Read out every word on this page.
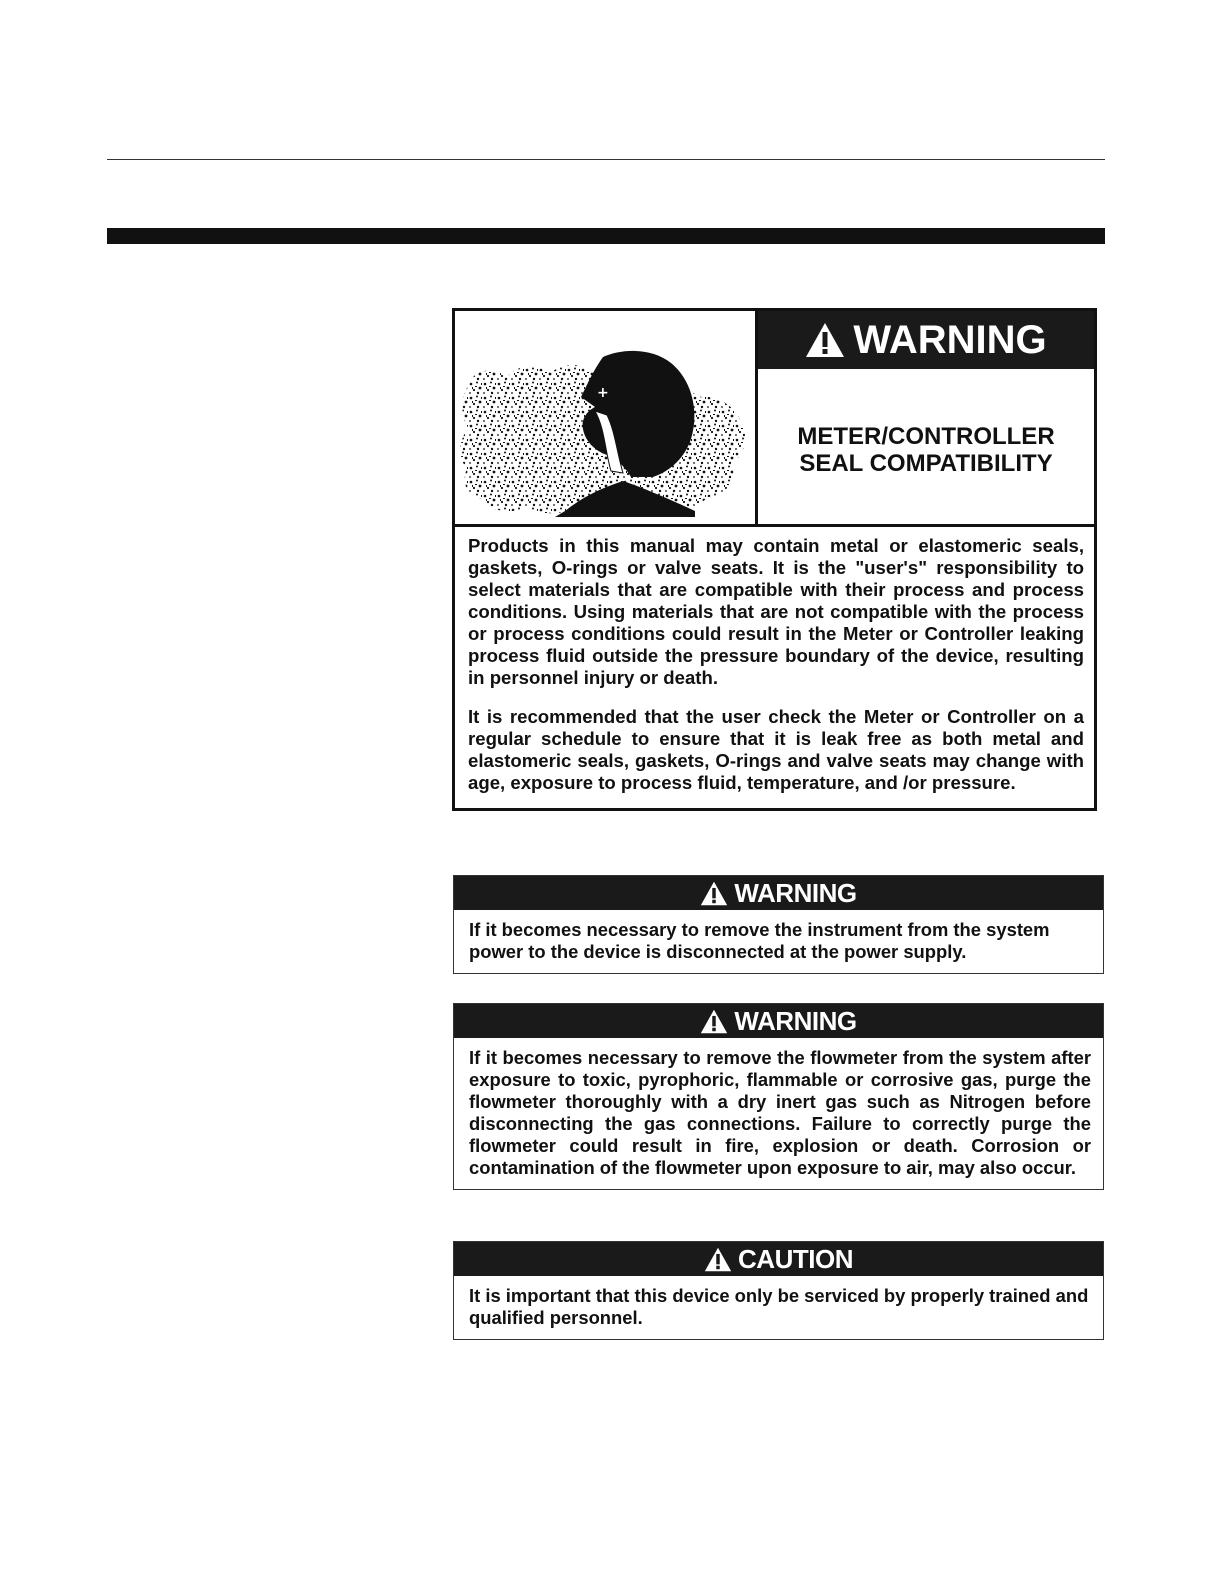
+
WARNING
METER/CONTROLLER
SEAL COMPATIBILITY

Products in this manual may contain metal or elastomeric seals, gaskets, O-rings or valve seats. It is the "user's" responsibility to select materials that are compatible with their process and process conditions. Using materials that are not compatible with the process or process conditions could result in the Meter or Controller leaking process fluid outside the pressure boundary of the device, resulting in personnel injury or death.

It is recommended that the user check the Meter or Controller on a regular schedule to ensure that it is leak free as both metal and elastomeric seals, gaskets, O-rings and valve seats may change with age, exposure to process fluid, temperature, and /or pressure.

WARNING
If it becomes necessary to remove the instrument from the system power to the device is disconnected at the power supply.
WARNING
If it becomes necessary to remove the flowmeter from the system after exposure to toxic, pyrophoric, flammable or corrosive gas, purge the flowmeter thoroughly with a dry inert gas such as Nitrogen before disconnecting the gas connections. Failure to correctly purge the flowmeter could result in fire, explosion or death. Corrosion or contamination of the flowmeter upon exposure to air, may also occur.
CAUTION
It is important that this device only be serviced by properly trained and qualified personnel.
